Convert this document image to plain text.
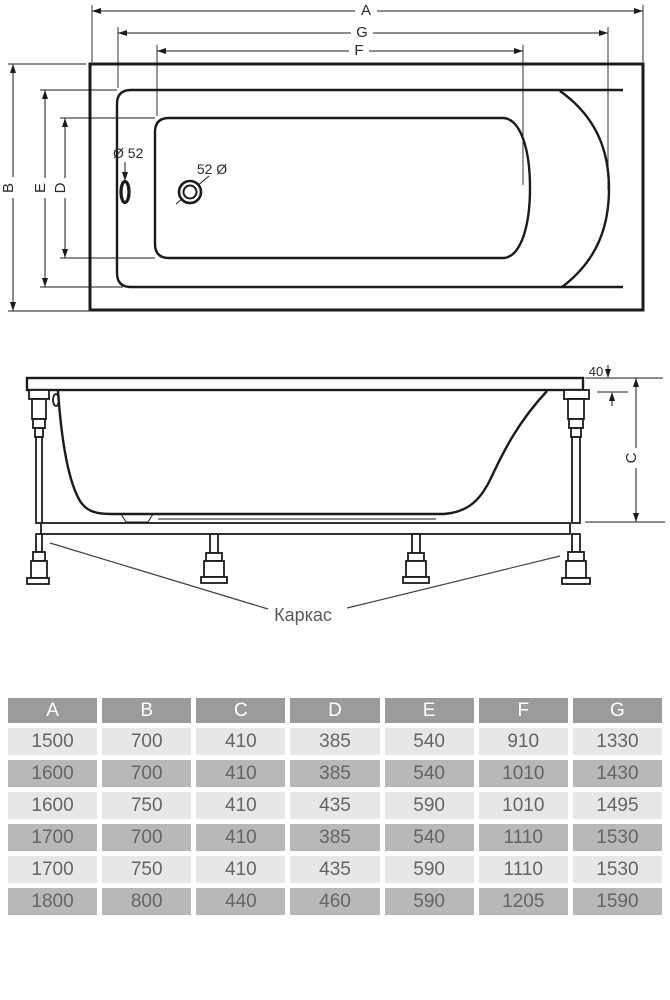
A
G
F
B E D
Ø 52
52 Ø
40
C
Каркас
A	B	C	D	E	F	G
1500	700	410	385	540	910	1330
1600	700	410	385	540	1010	1430
1600	750	410	435	590	1010	1495
1700	700	410	385	540	1110	1530
1700	750	410	435	590	1110	1530
1800	800	440	460	590	1205	1590
